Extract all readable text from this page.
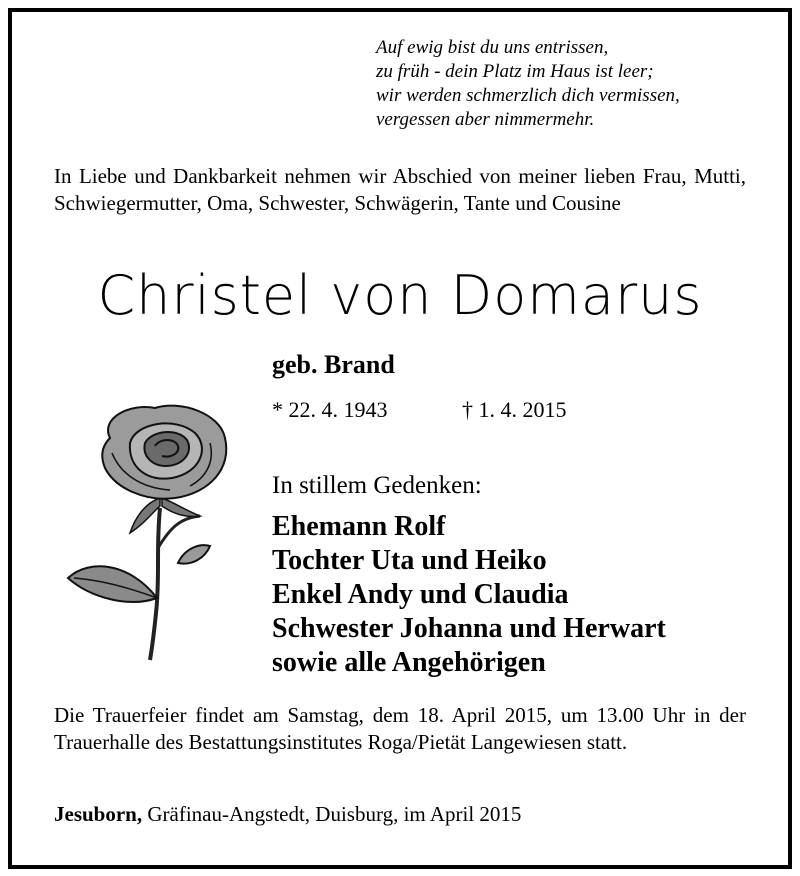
Auf ewig bist du uns entrissen,
zu früh - dein Platz im Haus ist leer;
wir werden schmerzlich dich vermissen,
vergessen aber nimmermehr.
In Liebe und Dankbarkeit nehmen wir Abschied von meiner lieben Frau, Mutti, Schwiegermutter, Oma, Schwester, Schwägerin, Tante und Cousine
Christel von Domarus
geb. Brand
* 22. 4. 1943	† 1. 4. 2015
In stillem Gedenken:
Ehemann Rolf
Tochter Uta und Heiko
Enkel Andy und Claudia
Schwester Johanna und Herwart
sowie alle Angehörigen
Die Trauerfeier findet am Samstag, dem 18. April 2015, um 13.00 Uhr in der Trauerhalle des Bestattungsinstitutes Roga/Pietät Langewiesen statt.
Jesuborn, Gräfinau-Angstedt, Duisburg, im April 2015
